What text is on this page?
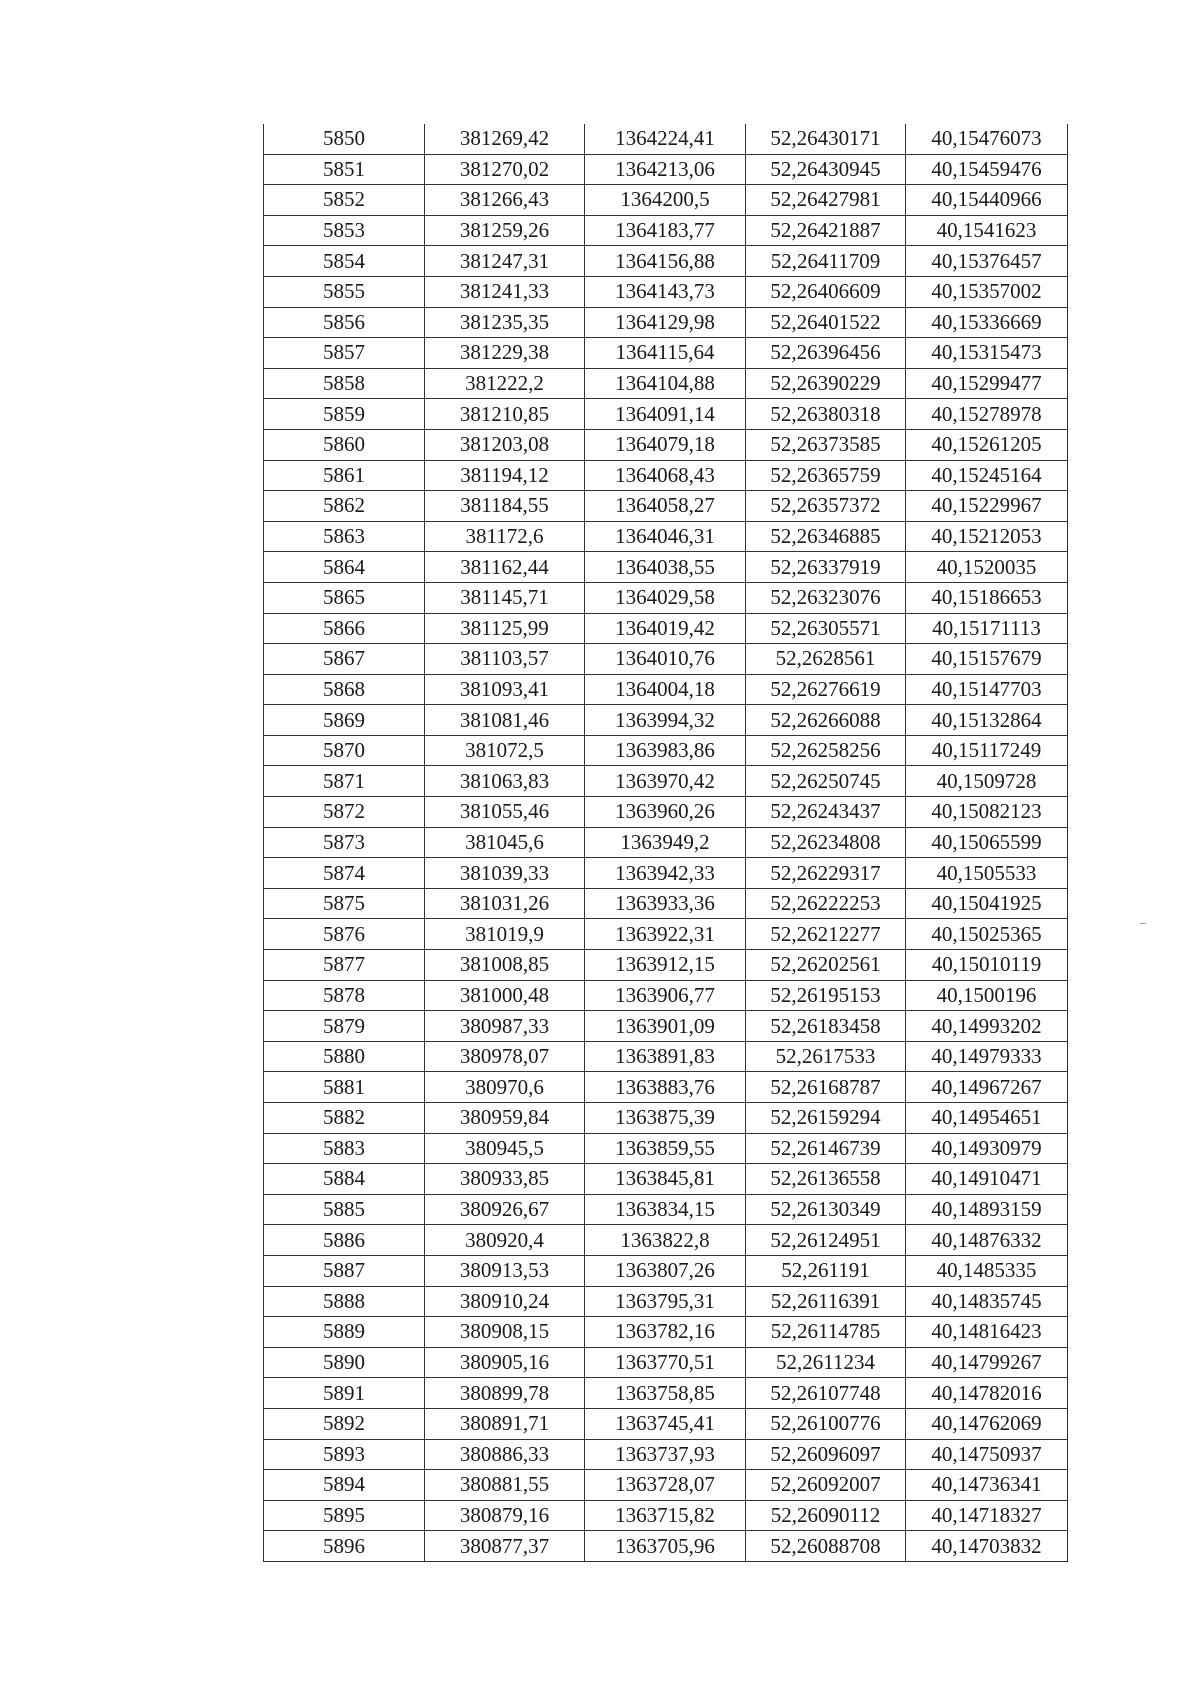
5850	381269,42	1364224,41	52,26430171	40,15476073
5851	381270,02	1364213,06	52,26430945	40,15459476
5852	381266,43	1364200,5	52,26427981	40,15440966
5853	381259,26	1364183,77	52,26421887	40,1541623
5854	381247,31	1364156,88	52,26411709	40,15376457
5855	381241,33	1364143,73	52,26406609	40,15357002
5856	381235,35	1364129,98	52,26401522	40,15336669
5857	381229,38	1364115,64	52,26396456	40,15315473
5858	381222,2	1364104,88	52,26390229	40,15299477
5859	381210,85	1364091,14	52,26380318	40,15278978
5860	381203,08	1364079,18	52,26373585	40,15261205
5861	381194,12	1364068,43	52,26365759	40,15245164
5862	381184,55	1364058,27	52,26357372	40,15229967
5863	381172,6	1364046,31	52,26346885	40,15212053
5864	381162,44	1364038,55	52,26337919	40,1520035
5865	381145,71	1364029,58	52,26323076	40,15186653
5866	381125,99	1364019,42	52,26305571	40,15171113
5867	381103,57	1364010,76	52,2628561	40,15157679
5868	381093,41	1364004,18	52,26276619	40,15147703
5869	381081,46	1363994,32	52,26266088	40,15132864
5870	381072,5	1363983,86	52,26258256	40,15117249
5871	381063,83	1363970,42	52,26250745	40,1509728
5872	381055,46	1363960,26	52,26243437	40,15082123
5873	381045,6	1363949,2	52,26234808	40,15065599
5874	381039,33	1363942,33	52,26229317	40,1505533
5875	381031,26	1363933,36	52,26222253	40,15041925
5876	381019,9	1363922,31	52,26212277	40,15025365
5877	381008,85	1363912,15	52,26202561	40,15010119
5878	381000,48	1363906,77	52,26195153	40,1500196
5879	380987,33	1363901,09	52,26183458	40,14993202
5880	380978,07	1363891,83	52,2617533	40,14979333
5881	380970,6	1363883,76	52,26168787	40,14967267
5882	380959,84	1363875,39	52,26159294	40,14954651
5883	380945,5	1363859,55	52,26146739	40,14930979
5884	380933,85	1363845,81	52,26136558	40,14910471
5885	380926,67	1363834,15	52,26130349	40,14893159
5886	380920,4	1363822,8	52,26124951	40,14876332
5887	380913,53	1363807,26	52,261191	40,1485335
5888	380910,24	1363795,31	52,26116391	40,14835745
5889	380908,15	1363782,16	52,26114785	40,14816423
5890	380905,16	1363770,51	52,2611234	40,14799267
5891	380899,78	1363758,85	52,26107748	40,14782016
5892	380891,71	1363745,41	52,26100776	40,14762069
5893	380886,33	1363737,93	52,26096097	40,14750937
5894	380881,55	1363728,07	52,26092007	40,14736341
5895	380879,16	1363715,82	52,26090112	40,14718327
5896	380877,37	1363705,96	52,26088708	40,14703832
